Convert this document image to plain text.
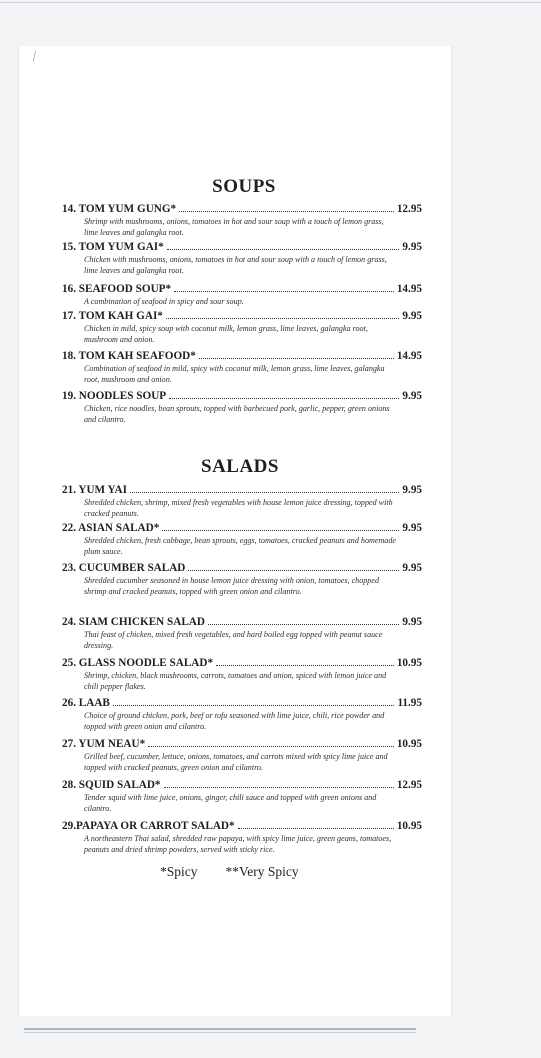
⟋
SOUPS
14. TOM YUM GUNG*	12.95
Shrimp with mushrooms, onions, tomatoes in hot and sour soup with a touch of lemon grass, lime leaves and galangka root.
15. TOM YUM GAI*	9.95
Chicken with mushrooms, onions, tomatoes in hot and sour soup with a touch of lemon grass, lime leaves and galangka root.
16. SEAFOOD SOUP*	14.95
A combination of seafood in spicy and sour soup.
17. TOM KAH GAI*	9.95
Chicken in mild, spicy soup with coconut milk, lemon grass, lime leaves, galangka root, mushroom and onion.
18. TOM KAH SEAFOOD*	14.95
Combination of seafood in mild, spicy with coconut milk, lemon grass, lime leaves, galangka root, mushroom and onion.
19. NOODLES SOUP	9.95
Chicken, rice noodles, bean sprouts, topped with barbecued pork, garlic, pepper, green onions and cilantro.
SALADS
21. YUM YAI	9.95
Shredded chicken, shrimp, mixed fresh vegetables with house lemon juice dressing, topped with cracked peanuts.
22. ASIAN SALAD*	9.95
Shredded chicken, fresh cabbage, bean sprouts, eggs, tomatoes, cracked peanuts and homemade plum sauce.
23. CUCUMBER SALAD	9.95
Shredded cucumber seasoned in house lemon juice dressing with onion, tomatoes, chopped shrimp and cracked peanuts, topped with green onion and cilantro.
24. SIAM CHICKEN SALAD	9.95
Thai feast of chicken, mixed fresh vegetables, and hard boiled egg topped with peanut sauce dressing.
25. GLASS NOODLE SALAD*	10.95
Shrimp, chicken, black mushrooms, carrots, tomatoes and onion, spiced with lemon juice and chili pepper flakes.
26. LAAB	11.95
Choice of ground chicken, pork, beef or tofu seasoned with lime juice, chili, rice powder and topped with green onion and cilantro.
27. YUM NEAU*	10.95
Grilled beef, cucumber, lettuce, onions, tomatoes, and carrots mixed with spicy lime juice and topped with cracked peanuts, green onion and cilantro.
28. SQUID SALAD*	12.95
Tender squid with lime juice, onions, ginger, chili sauce and topped with green onions and cilantro.
29.PAPAYA OR CARROT SALAD*	10.95
A northeastern Thai salad, shredded raw papaya, with spicy lime juice, green geans, tomatoes, peanuts and dried shrimp powders, served with sticky rice.
*Spicy **Very Spicy
